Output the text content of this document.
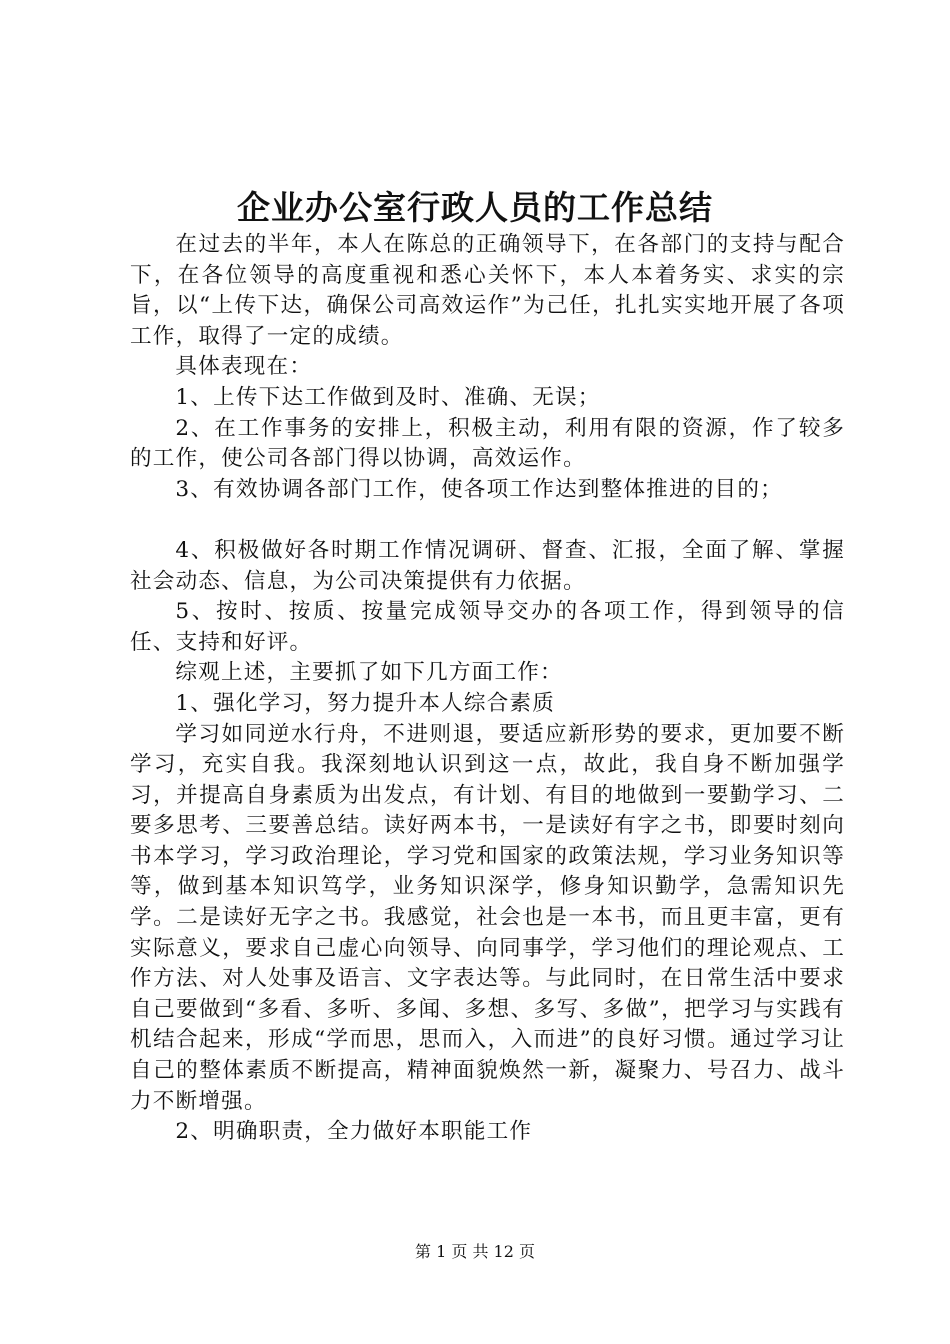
企业办公室行政人员的工作总结

在过去的半年，本人在陈总的正确领导下，在各部门的支持与配合下，在各位领导的高度重视和悉心关怀下，本人本着务实、求实的宗旨，以“上传下达，确保公司高效运作”为己任，扎扎实实地开展了各项工作，取得了一定的成绩。

具体表现在：

1、上传下达工作做到及时、准确、无误；

2、在工作事务的安排上，积极主动，利用有限的资源，作了较多的工作，使公司各部门得以协调，高效运作。

3、有效协调各部门工作，使各项工作达到整体推进的目的；

4、积极做好各时期工作情况调研、督查、汇报，全面了解、掌握社会动态、信息，为公司决策提供有力依据。

5、按时、按质、按量完成领导交办的各项工作，得到领导的信任、支持和好评。

综观上述，主要抓了如下几方面工作：

1、强化学习，努力提升本人综合素质

学习如同逆水行舟，不进则退，要适应新形势的要求，更加要不断学习，充实自我。我深刻地认识到这一点，故此，我自身不断加强学习，并提高自身素质为出发点，有计划、有目的地做到一要勤学习、二要多思考、三要善总结。读好两本书，一是读好有字之书，即要时刻向书本学习，学习政治理论，学习党和国家的政策法规，学习业务知识等等，做到基本知识笃学，业务知识深学，修身知识勤学，急需知识先学。二是读好无字之书。我感觉，社会也是一本书，而且更丰富，更有实际意义，要求自己虚心向领导、向同事学，学习他们的理论观点、工作方法、对人处事及语言、文字表达等。与此同时，在日常生活中要求自己要做到“多看、多听、多闻、多想、多写、多做”，把学习与实践有机结合起来，形成“学而思，思而入，入而进”的良好习惯。通过学习让自己的整体素质不断提高，精神面貌焕然一新，凝聚力、号召力、战斗力不断增强。

2、明确职责，全力做好本职能工作

第 1 页 共 12 页
